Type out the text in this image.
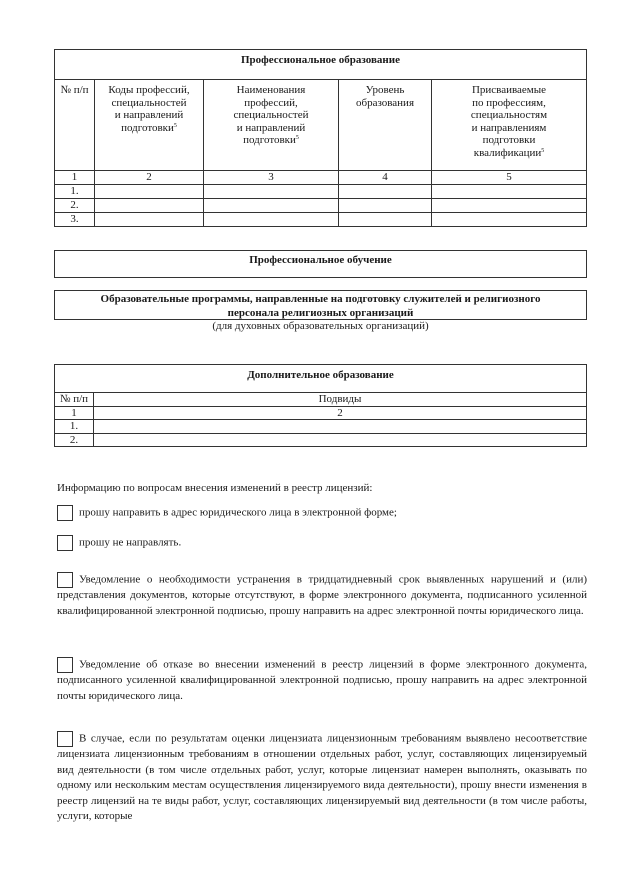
Профессиональное образование				
№ п/п	Коды профессий,
специальностей
и направлений
подготовки$^5$	Наименования
профессий,
специальностей
и направлений
подготовки$^5$	Уровень
образования	Присваиваемые
по профессиям,
специальностям
и направлениям
подготовки
квалификации$^5$
1	2	3	4	5
1.				
2.				
3.				
Профессиональное обучение
Образовательные программы, направленные на подготовку служителей и религиозного
персонала религиозных организаций
(для духовных образовательных организаций)
Дополнительное образование	
№ п/п	Подвиды
1	2
1.	
2.	
Информацию по вопросам внесения изменений в реестр лицензий:
прошу направить в адрес юридического лица в электронной форме;
прошу не направлять.
Уведомление о необходимости устранения в тридцатидневный срок выявленных нарушений и (или) представления документов, которые отсутствуют, в форме электронного документа, подписанного усиленной квалифицированной электронной подписью, прошу направить на адрес электронной почты юридического лица.
Уведомление об отказе во внесении изменений в реестр лицензий в форме электронного документа, подписанного усиленной квалифицированной электронной подписью, прошу направить на адрес электронной почты юридического лица.
В случае, если по результатам оценки лицензиата лицензионным требованиям выявлено несоответствие лицензиата лицензионным требованиям в отношении отдельных работ, услуг, составляющих лицензируемый вид деятельности (в том числе отдельных работ, услуг, которые лицензиат намерен выполнять, оказывать по одному или нескольким местам осуществления лицензируемого вида деятельности), прошу внести изменения в реестр лицензий на те виды работ, услуг, составляющих лицензируемый вид деятельности (в том числе работы, услуги, которые
